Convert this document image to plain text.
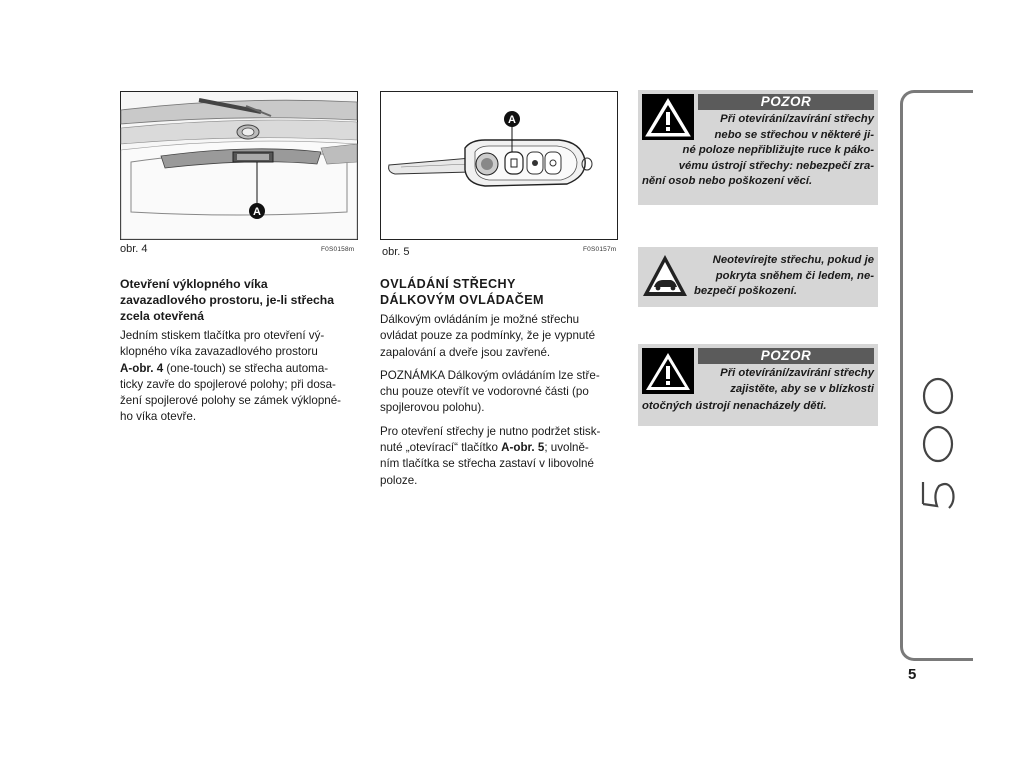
A
obr. 4	F0S0158m
A
obr. 5	F0S0157m

Otevření výklopného víka

zavazadlového prostoru, je-li střecha

zcela otevřená

Jedním stiskem tlačítka pro otevření vý-

klopného víka zavazadlového prostoru

A-obr. 4 (one-touch) se střecha automa-

ticky zavře do spojlerové polohy; při dosa-

žení spojlerové polohy se zámek výklopné-

ho víka otevře.

OVLÁDÁNÍ STŘECHY

DÁLKOVÝM OVLÁDAČEM

Dálkovým ovládáním je možné střechu

ovládat pouze za podmínky, že je vypnuté

zapalování a dveře jsou zavřené.

POZNÁMKA Dálkovým ovládáním lze stře-

chu pouze otevřít ve vodorovné části (po

spojlerovou polohu).

Pro otevření střechy je nutno podržet stisk-

nuté „otevírací“ tlačítko A-obr. 5; uvolně-

ním tlačítka se střecha zastaví v libovolné

poloze.

POZOR

Při otevírání/zavírání střechy

nebo se střechou v některé ji-

né poloze nepřibližujte ruce k páko-

vému ústrojí střechy: nebezpečí zra-

nění osob nebo poškození věcí.

Neotevírejte střechu, pokud je

pokryta sněhem či ledem, ne-

bezpečí poškození.

POZOR

Při otevírání/zavírání střechy

zajistěte, aby se v blízkosti

otočných ústrojí nenacházely děti.

500
5
